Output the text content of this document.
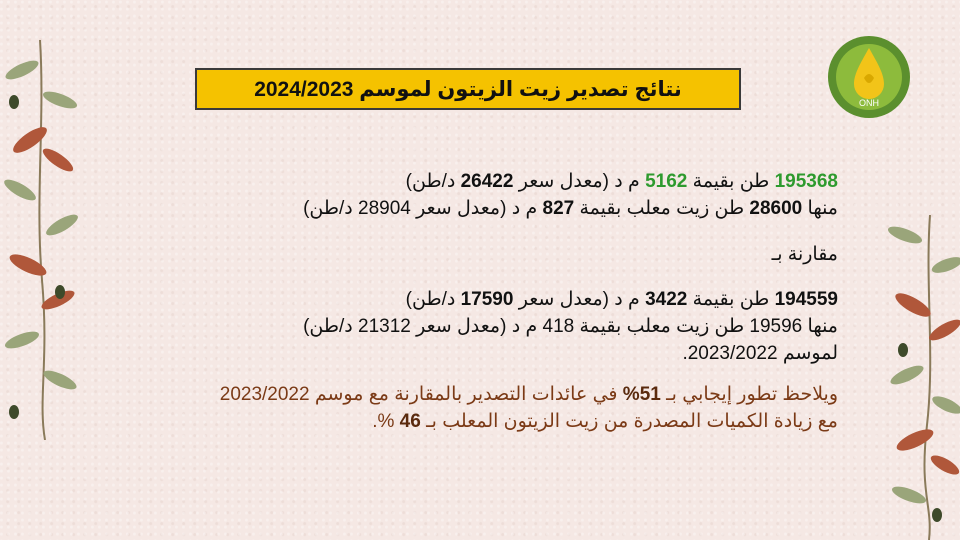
نتائج تصدير زيت الزيتون لموسم 2024/2023
ONH
195368 طن بقيمة 5162 م د (معدل سعر 26422 د/طن)
منها 28600 طن زيت معلب بقيمة 827 م د (معدل سعر 28904 د/طن)
مقارنة بـ
194559 طن بقيمة 3422 م د (معدل سعر 17590 د/طن)
منها 19596 طن زيت معلب بقيمة 418 م د (معدل سعر 21312 د/طن)
لموسم 2023/2022.
ويلاحظ تطور إيجابي بـ 51% في عائدات التصدير بالمقارنة مع موسم 2023/2022
مع زيادة الكميات المصدرة من زيت الزيتون المعلب بـ 46 %.
